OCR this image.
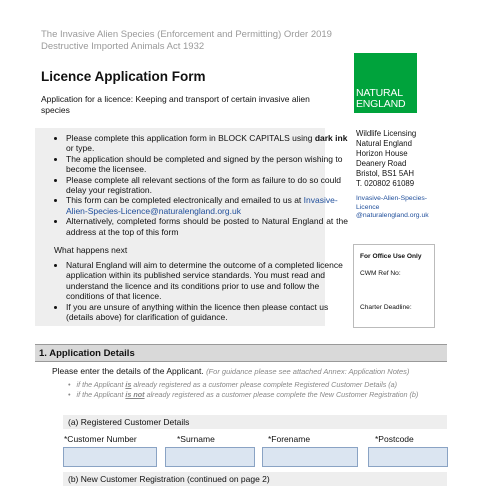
The Invasive Alien Species (Enforcement and Permitting) Order 2019
Destructive Imported Animals Act 1932
Licence Application Form
Application for a licence: Keeping and transport of certain invasive alien species
NATURAL
ENGLAND
• Please complete this application form in BLOCK CAPITALS using dark ink or type.
• The application should be completed and signed by the person wishing to become the licensee.
• Please complete all relevant sections of the form as failure to do so could delay your registration.
• This form can be completed electronically and emailed to us at Invasive-Alien-Species-Licence@naturalengland.org.uk
• Alternatively, completed forms should be posted to Natural England at the address at the top of this form
What happens next
• Natural England will aim to determine the outcome of a completed licence application within its published service standards. You must read and understand the licence and its conditions prior to use and follow the conditions of that licence.
• If you are unsure of anything within the licence then please contact us (details above) for clarification of guidance.
Wildlife Licensing
Natural England
Horizon House
Deanery Road
Bristol, BS1 5AH
T. 020802 61089
Invasive-Alien-Species-
Licence
@naturalengland.org.uk
For Office Use Only
CWM Ref No:
Charter Deadline:
1. Application Details
Please enter the details of the Applicant. (For guidance please see attached Annex: Application Notes)
•   if the Applicant is already registered as a customer please complete Registered Customer Details (a)
•   if the Applicant is not already registered as a customer please complete the New Customer Registration (b)
(a) Registered Customer Details
*Customer Number	*Surname	*Forename	*Postcode
(b) New Customer Registration (continued on page 2)
